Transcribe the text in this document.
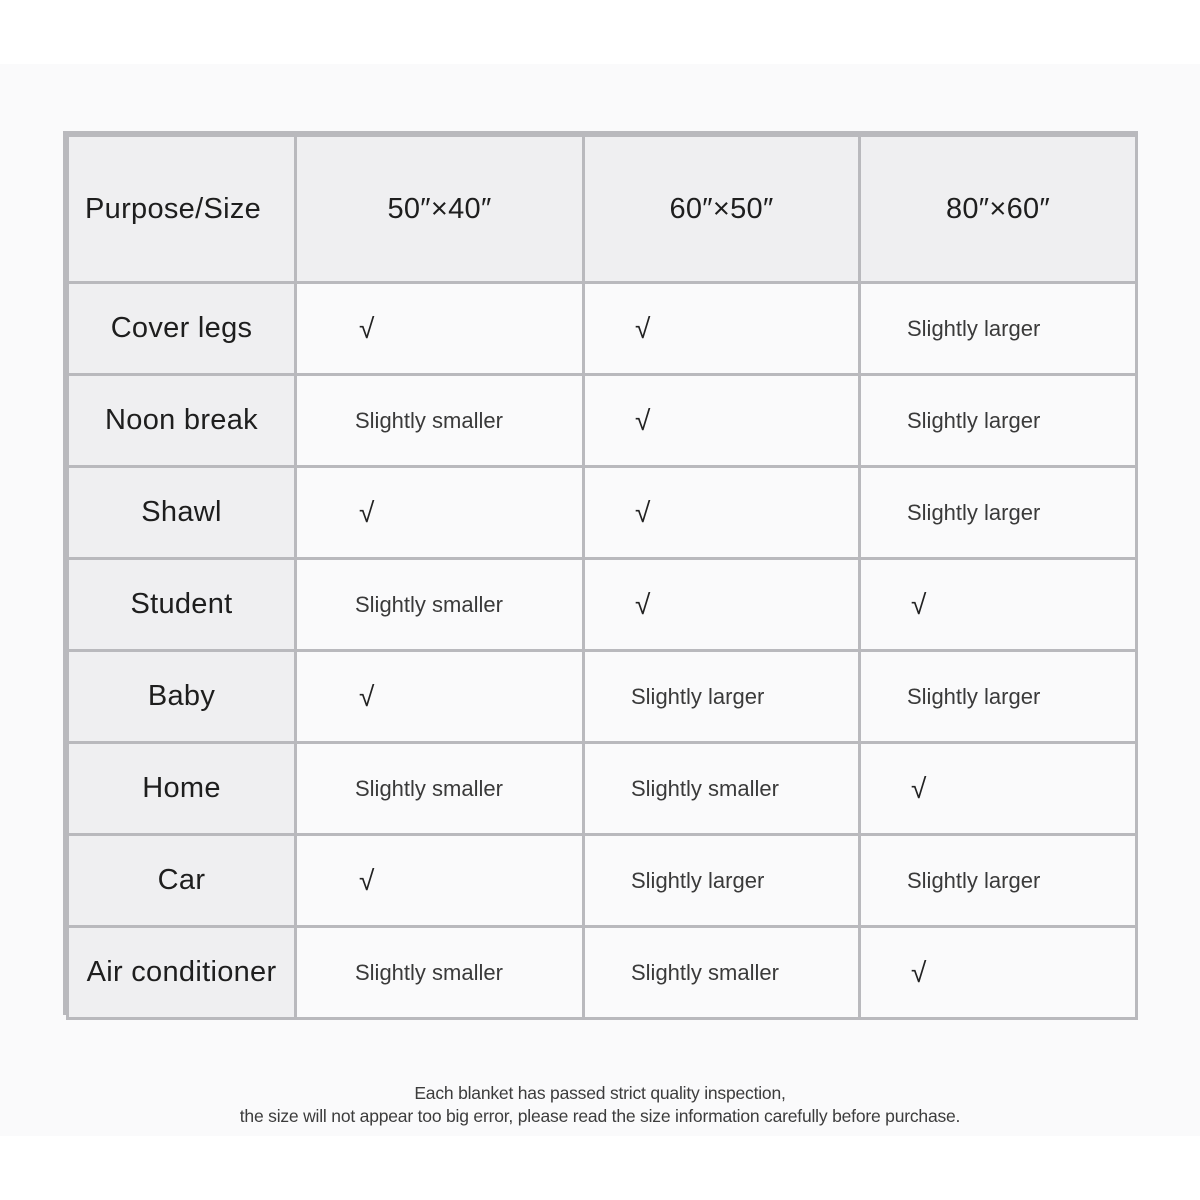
Purpose/Size	50″×40″	60″×50″	80″×60″
Cover legs	√	√	Slightly larger
Noon break	Slightly smaller	√	Slightly larger
Shawl	√	√	Slightly larger
Student	Slightly smaller	√	√
Baby	√	Slightly larger	Slightly larger
Home	Slightly smaller	Slightly smaller	√
Car	√	Slightly larger	Slightly larger
Air conditioner	Slightly smaller	Slightly smaller	√
Each blanket has passed strict quality inspection,
the size will not appear too big error, please read the size information carefully before purchase.
